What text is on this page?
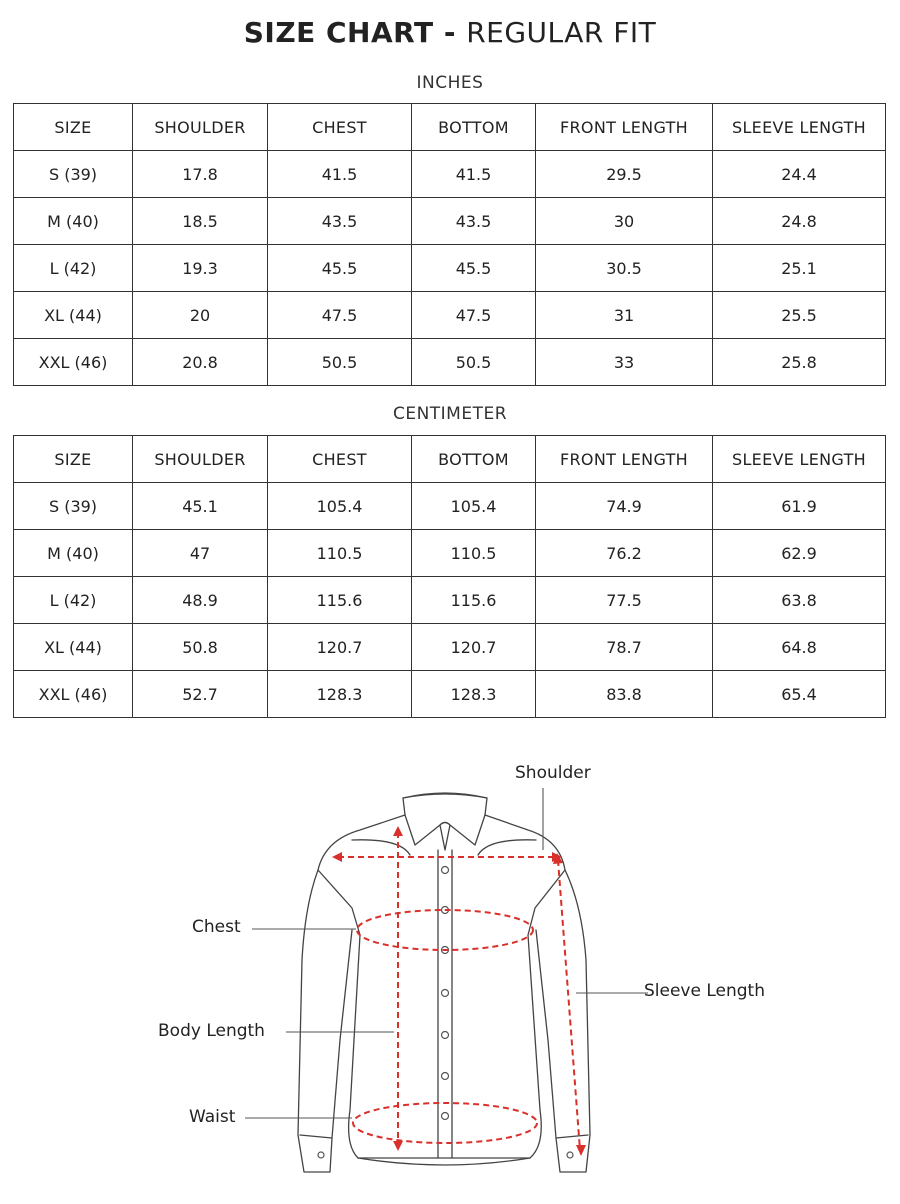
SIZE CHART - REGULAR FIT
INCHES
SIZE	SHOULDER	CHEST	BOTTOM	FRONT LENGTH	SLEEVE LENGTH
S (39)	17.8	41.5	41.5	29.5	24.4
M (40)	18.5	43.5	43.5	30	24.8
L (42)	19.3	45.5	45.5	30.5	25.1
XL (44)	20	47.5	47.5	31	25.5
XXL (46)	20.8	50.5	50.5	33	25.8
CENTIMETER
SIZE	SHOULDER	CHEST	BOTTOM	FRONT LENGTH	SLEEVE LENGTH
S (39)	45.1	105.4	105.4	74.9	61.9
M (40)	47	110.5	110.5	76.2	62.9
L (42)	48.9	115.6	115.6	77.5	63.8
XL (44)	50.8	120.7	120.7	78.7	64.8
XXL (46)	52.7	128.3	128.3	83.8	65.4
Shoulder
Chest
Sleeve Length
Body Length
Waist
